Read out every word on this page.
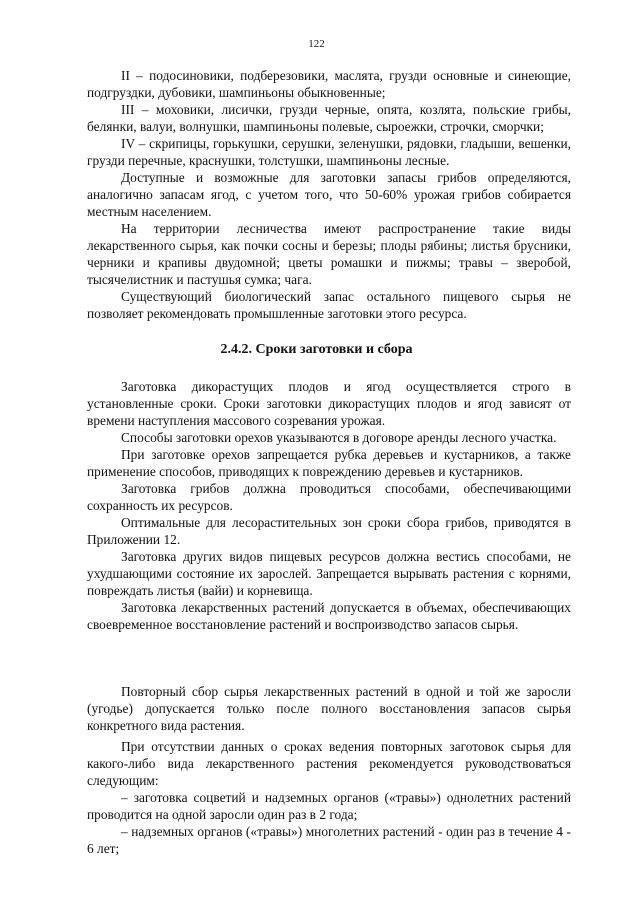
122

II – подосиновики, подберезовики, маслята, грузди основные и синеющие, подгруздки, дубовики, шампиньоны обыкновенные;

III – моховики, лисички, грузди черные, опята, козлята, польские грибы, белянки, валуи, волнушки, шампиньоны полевые, сыроежки, строчки, сморчки;

IV – скрипицы, горькушки, серушки, зеленушки, рядовки, гладыши, вешенки, грузди перечные, краснушки, толстушки, шампиньоны лесные.

Доступные и возможные для заготовки запасы грибов определяются, аналогично запасам ягод, с учетом того, что 50-60% урожая грибов собирается местным населением.

На территории лесничества имеют распространение такие виды лекарственного сырья, как почки сосны и березы; плоды рябины; листья брусники, черники и крапивы двудомной; цветы ромашки и пижмы; травы – зверобой, тысячелистник и пастушья сумка; чага.

Существующий биологический запас остального пищевого сырья не позволяет рекомендовать промышленные заготовки этого ресурса.

2.4.2. Сроки заготовки и сбора

Заготовка дикорастущих плодов и ягод осуществляется строго в установленные сроки. Сроки заготовки дикорастущих плодов и ягод зависят от времени наступления массового созревания урожая.

Способы заготовки орехов указываются в договоре аренды лесного участка.

При заготовке орехов запрещается рубка деревьев и кустарников, а также применение способов, приводящих к повреждению деревьев и кустарников.

Заготовка грибов должна проводиться способами, обеспечивающими сохранность их ресурсов.

Оптимальные для лесорастительных зон сроки сбора грибов, приводятся в Приложении 12.

Заготовка других видов пищевых ресурсов должна вестись способами, не ухудшающими состояние их зарослей. Запрещается вырывать растения с корнями, повреждать листья (вайи) и корневища.

Заготовка лекарственных растений допускается в объемах, обеспечивающих своевременное восстановление растений и воспроизводство запасов сырья.

Повторный сбор сырья лекарственных растений в одной и той же заросли (угодье) допускается только после полного восстановления запасов сырья конкретного вида растения.

При отсутствии данных о сроках ведения повторных заготовок сырья для какого-либо вида лекарственного растения рекомендуется руководствоваться следующим:

– заготовка соцветий и надземных органов («травы») однолетних растений проводится на одной заросли один раз в 2 года;

– надземных органов («травы») многолетних растений - один раз в течение 4 - 6 лет;
